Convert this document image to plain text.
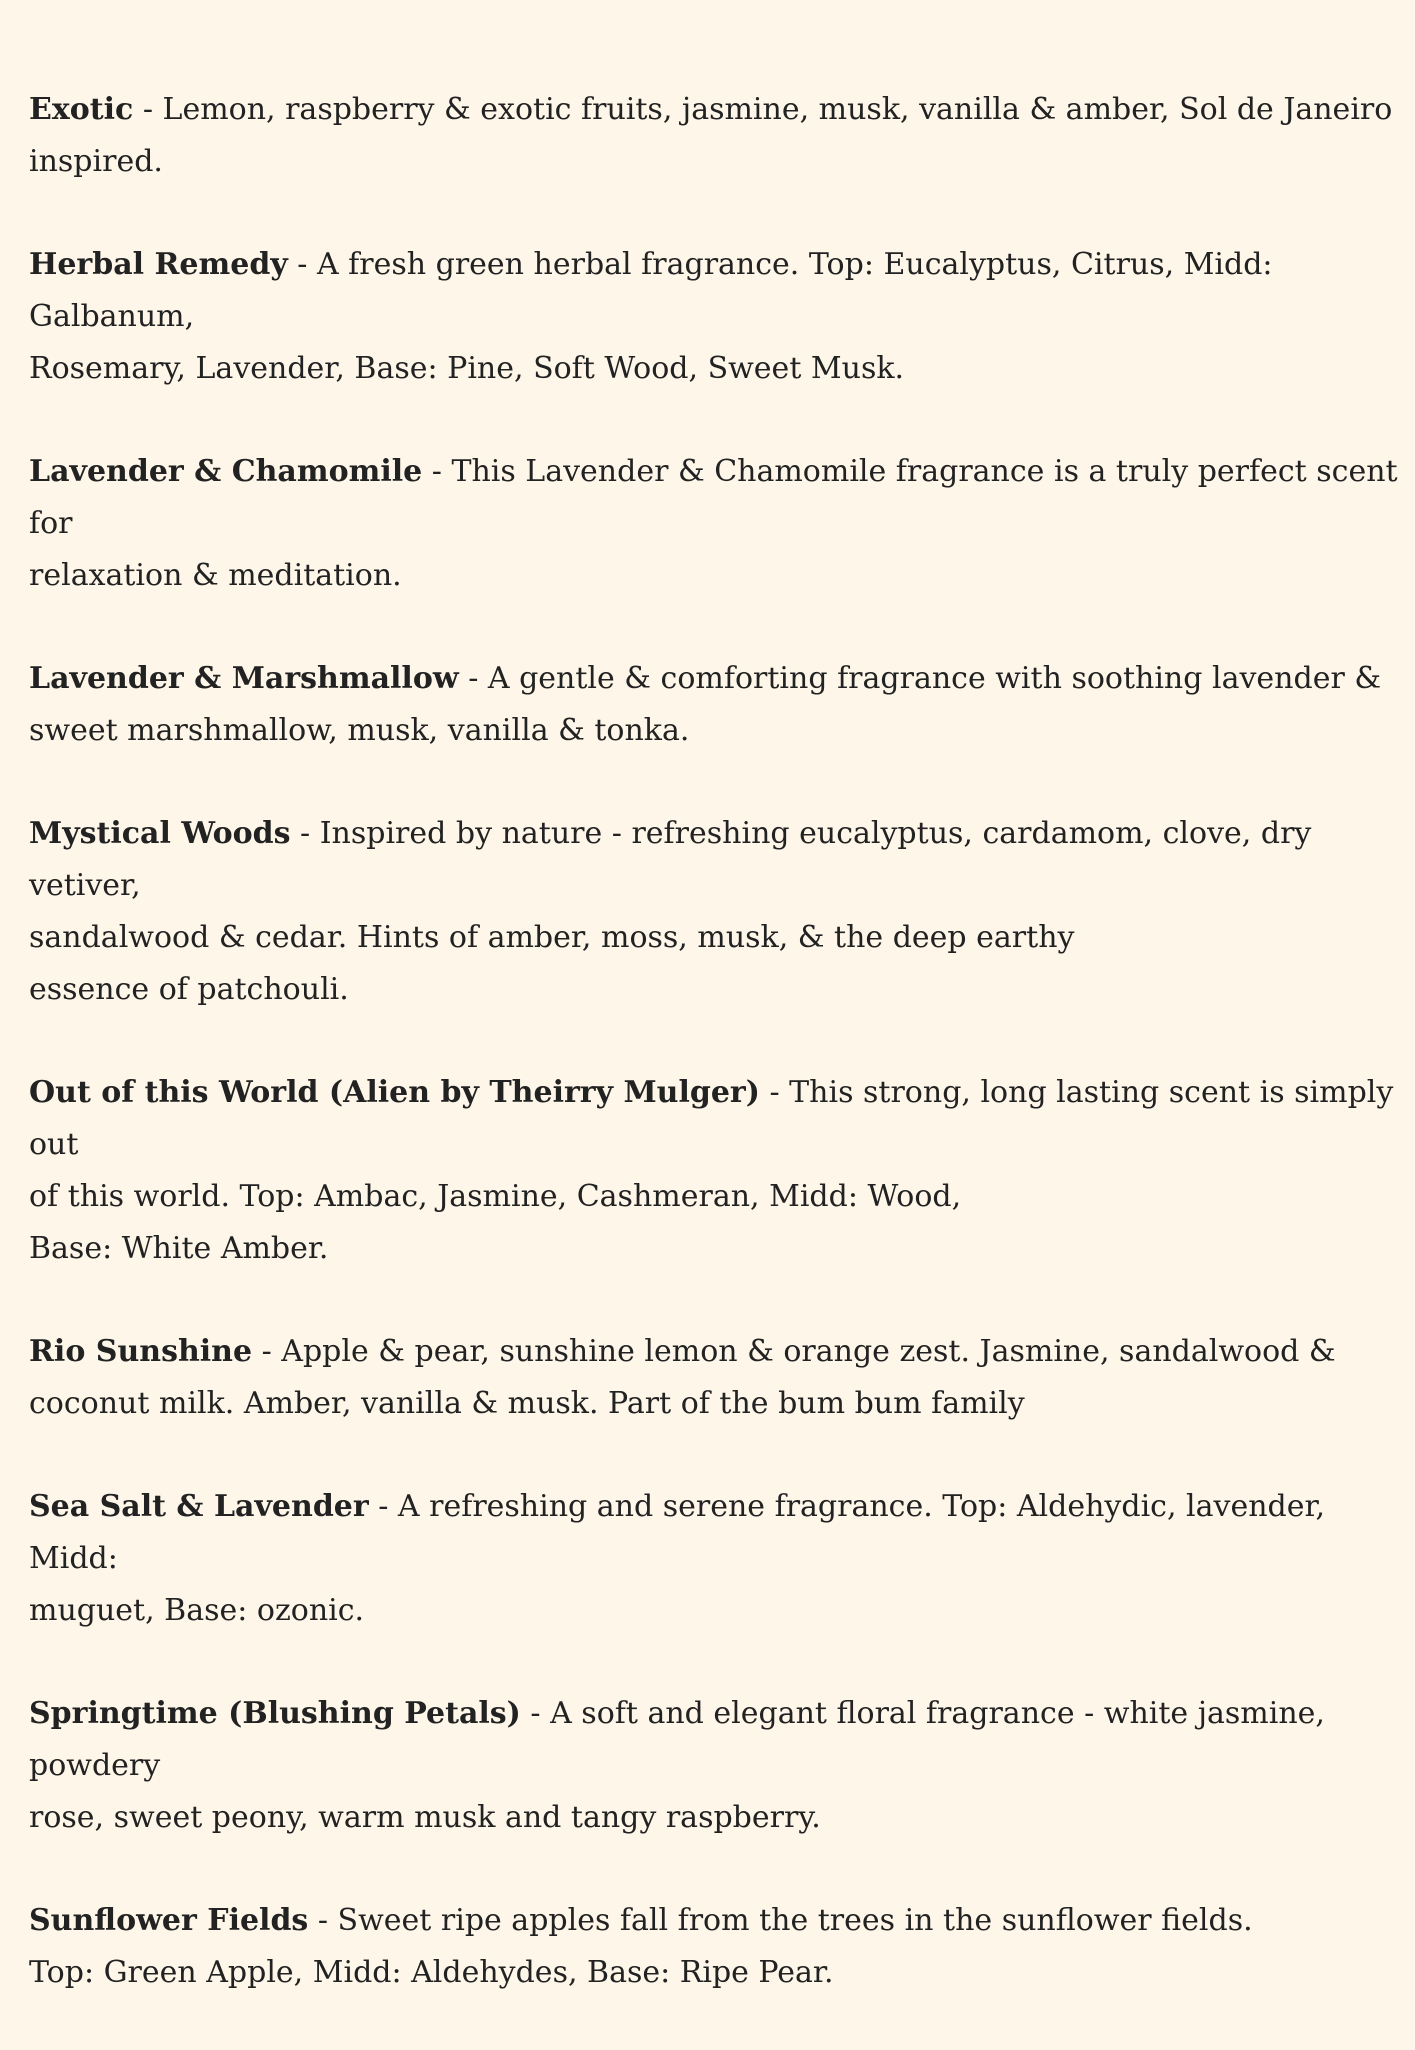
Exotic - Lemon, raspberry & exotic fruits, jasmine, musk, vanilla & amber, Sol de Janeiro
inspired.

Herbal Remedy - A fresh green herbal fragrance. Top: Eucalyptus, Citrus, Midd: Galbanum,
Rosemary, Lavender, Base: Pine, Soft Wood, Sweet Musk.

Lavender & Chamomile - This Lavender & Chamomile fragrance is a truly perfect scent for
relaxation & meditation.

Lavender & Marshmallow - A gentle & comforting fragrance with soothing lavender &
sweet marshmallow, musk, vanilla & tonka.

Mystical Woods - Inspired by nature - refreshing eucalyptus, cardamom, clove, dry vetiver,
sandalwood & cedar. Hints of amber, moss, musk, & the deep earthy
essence of patchouli.

Out of this World (Alien by Theirry Mulger) - This strong, long lasting scent is simply out
of this world. Top: Ambac, Jasmine, Cashmeran, Midd: Wood,
Base: White Amber.

Rio Sunshine - Apple & pear, sunshine lemon & orange zest. Jasmine, sandalwood &
coconut milk. Amber, vanilla & musk. Part of the bum bum family

Sea Salt & Lavender - A refreshing and serene fragrance. Top: Aldehydic, lavender, Midd:
muguet, Base: ozonic.

Springtime (Blushing Petals) - A soft and elegant floral fragrance - white jasmine, powdery
rose, sweet peony, warm musk and tangy raspberry.

Sunflower Fields - Sweet ripe apples fall from the trees in the sunflower fields.
Top: Green Apple, Midd: Aldehydes, Base: Ripe Pear.
